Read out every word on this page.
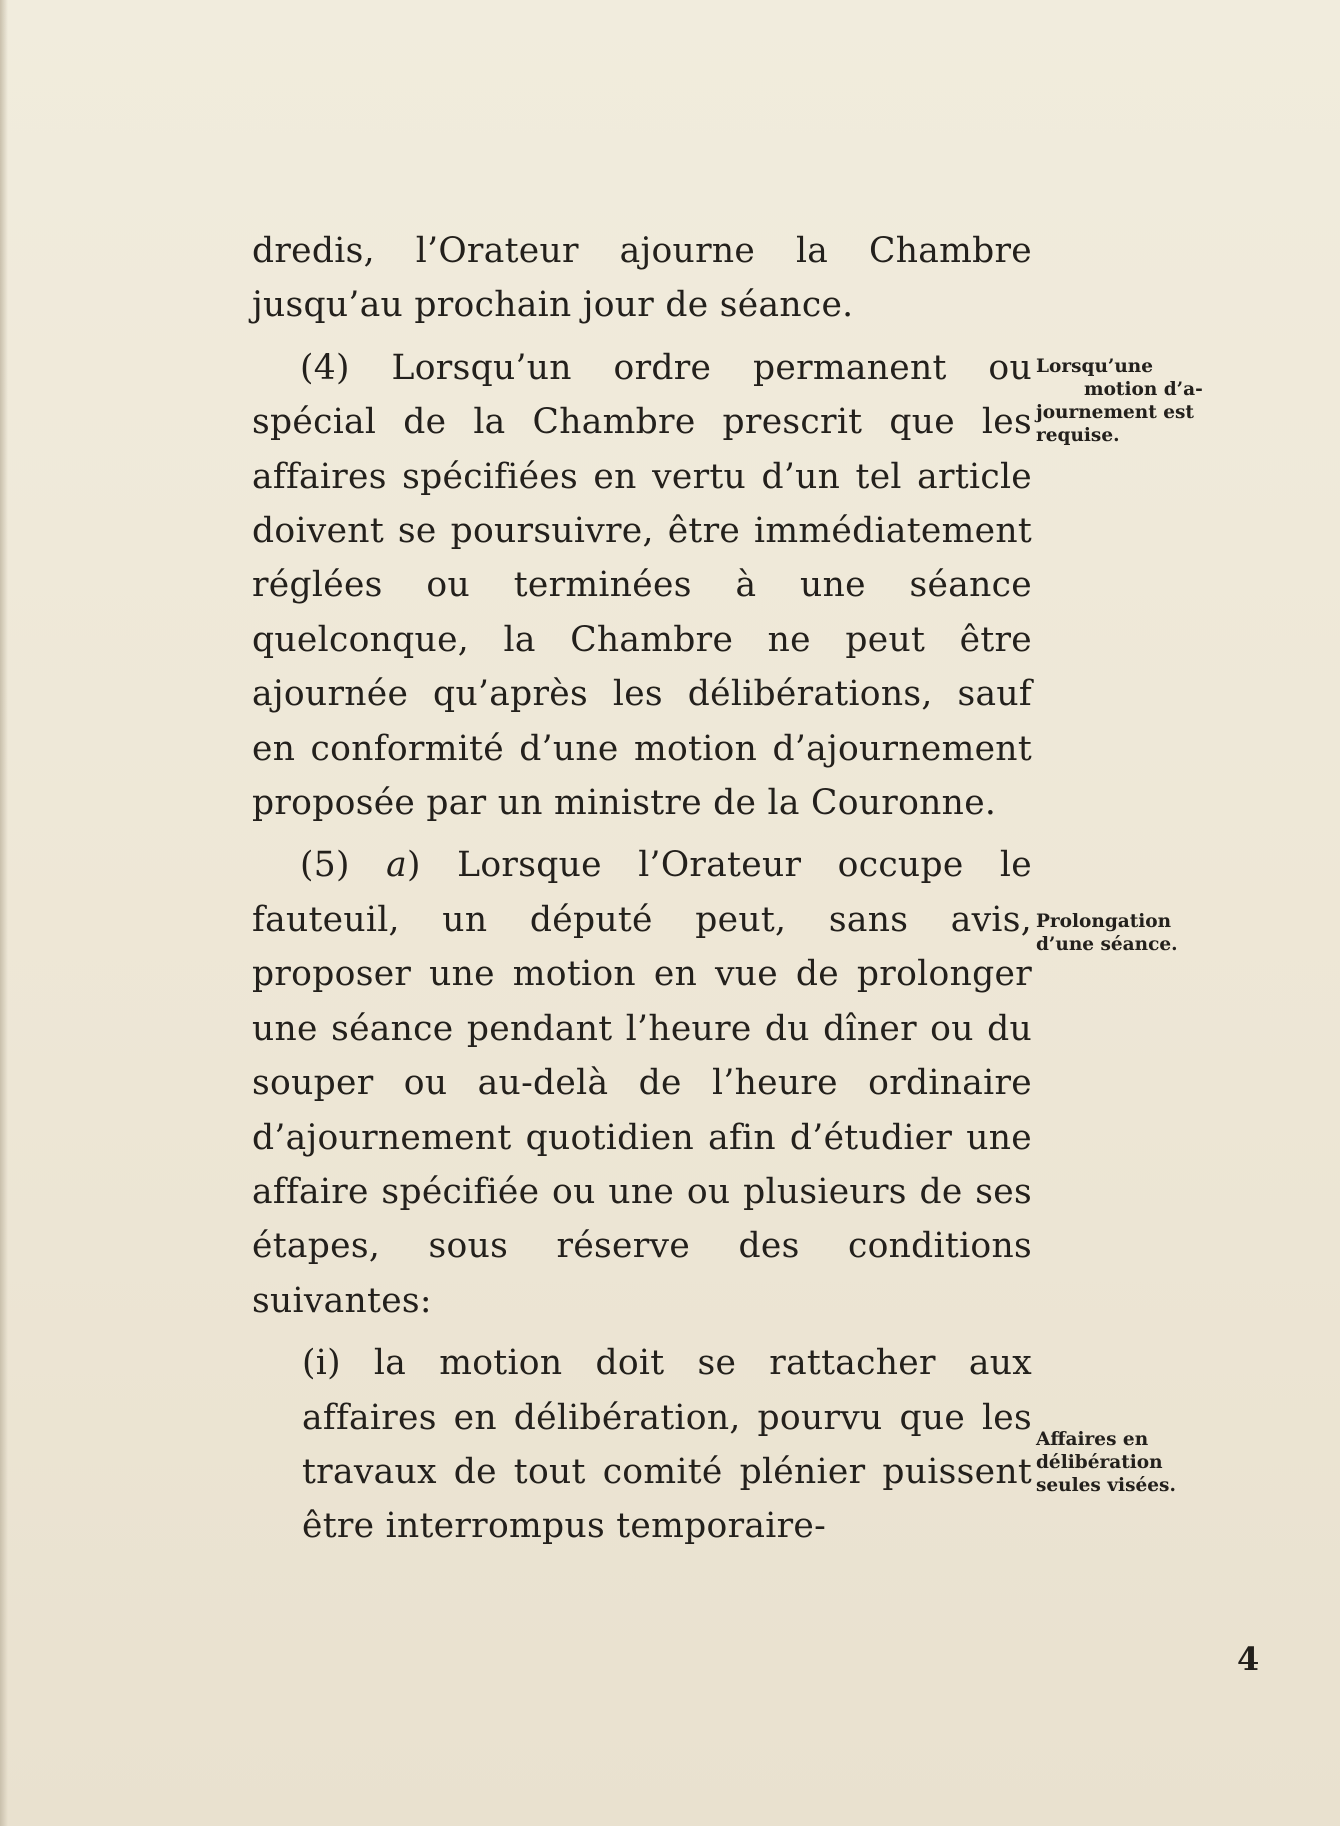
dredis, l’Orateur ajourne la Chambre jusqu’au prochain jour de séance.

(4) Lorsqu’un ordre permanent ou spécial de la Chambre prescrit que les affaires spécifiées en vertu d’un tel article doivent se poursuivre, être immédiatement réglées ou terminées à une séance quelconque, la Chambre ne peut être ajournée qu’après les délibérations, sauf en conformité d’une motion d’ajournement proposée par un ministre de la Couronne.

(5) a) Lorsque l’Orateur occupe le fauteuil, un député peut, sans avis, proposer une motion en vue de prolonger une séance pendant l’heure du dîner ou du souper ou au-delà de l’heure ordinaire d’ajournement quotidien afin d’étudier une affaire spécifiée ou une ou plusieurs de ses étapes, sous réserve des conditions suivantes:

(i) la motion doit se rattacher aux affaires en délibération, pourvu que les travaux de tout comité plénier puissent être interrompus temporaire-

Lorsqu’une
motion d’a-
journement est
requise.
Prolongation
d’une séance.
Affaires en
délibération
seules visées.
4
